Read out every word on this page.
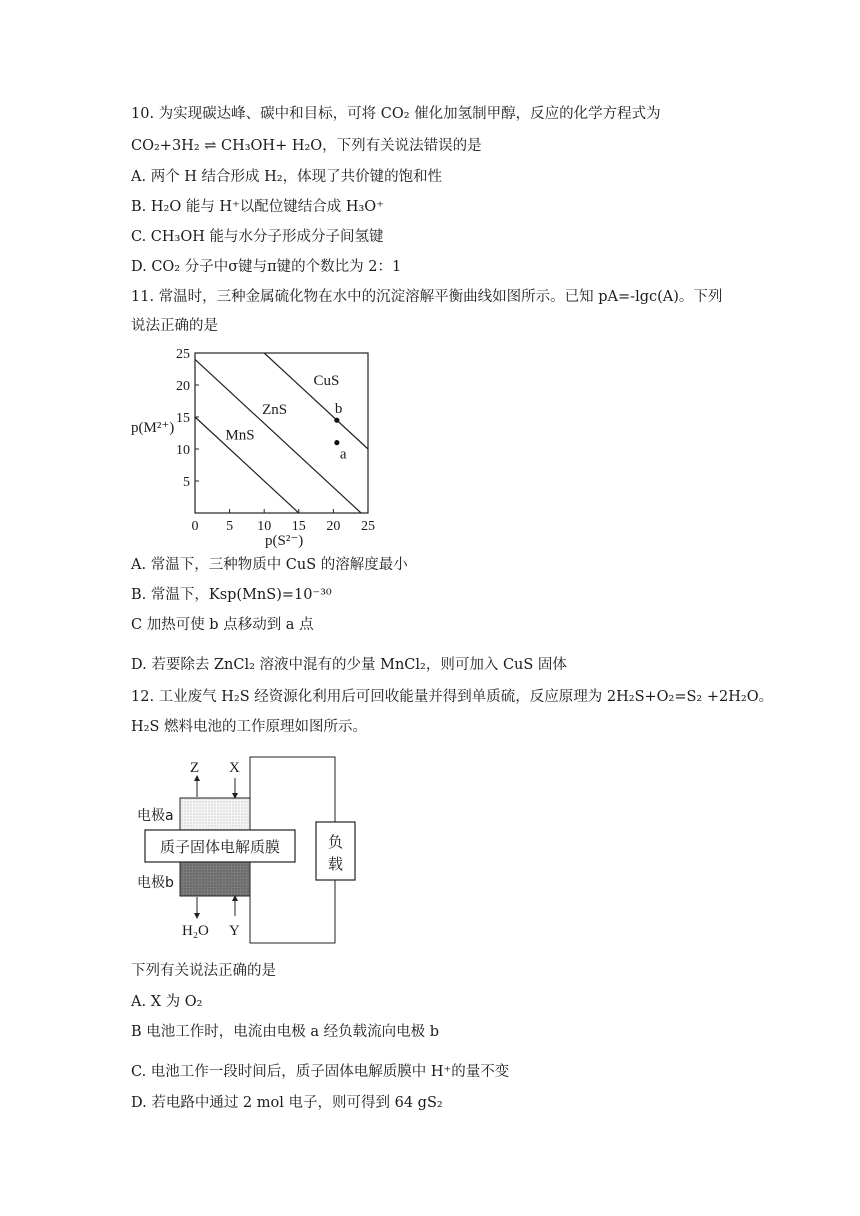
10. 为实现碳达峰、碳中和目标，可将 CO₂ 催化加氢制甲醇，反应的化学方程式为
CO₂+3H₂ ⇌ CH₃OH+ H₂O，下列有关说法错误的是
A. 两个 H 结合形成 H₂，体现了共价键的饱和性
B. H₂O 能与 H⁺以配位键结合成 H₃O⁺
C. CH₃OH 能与水分子形成分子间氢键
D. CO₂ 分子中σ键与π键的个数比为 2：1
11. 常温时，三种金属硫化物在水中的沉淀溶解平衡曲线如图所示。已知 pA=-lgc(A)。下列
说法正确的是
MnS
ZnS
CuS
0 5 10 15 20 25
5
10
15
20
25
b
a
p(M²⁺)
p(S²⁻)
A. 常温下，三种物质中 CuS 的溶解度最小
B. 常温下，Ksp(MnS)=10⁻³⁰
C 加热可使 b 点移动到 a 点
D. 若要除去 ZnCl₂ 溶液中混有的少量 MnCl₂，则可加入 CuS 固体
12. 工业废气 H₂S 经资源化利用后可回收能量并得到单质硫，反应原理为 2H₂S+O₂=S₂ +2H₂O。
H₂S 燃料电池的工作原理如图所示。
质子固体电解质膜
电极a
电极b
Z X
H₂O Y
负
载
下列有关说法正确的是
A. X 为 O₂
B 电池工作时，电流由电极 a 经负载流向电极 b
C. 电池工作一段时间后，质子固体电解质膜中 H⁺的量不变
D. 若电路中通过 2 mol 电子，则可得到 64 gS₂
